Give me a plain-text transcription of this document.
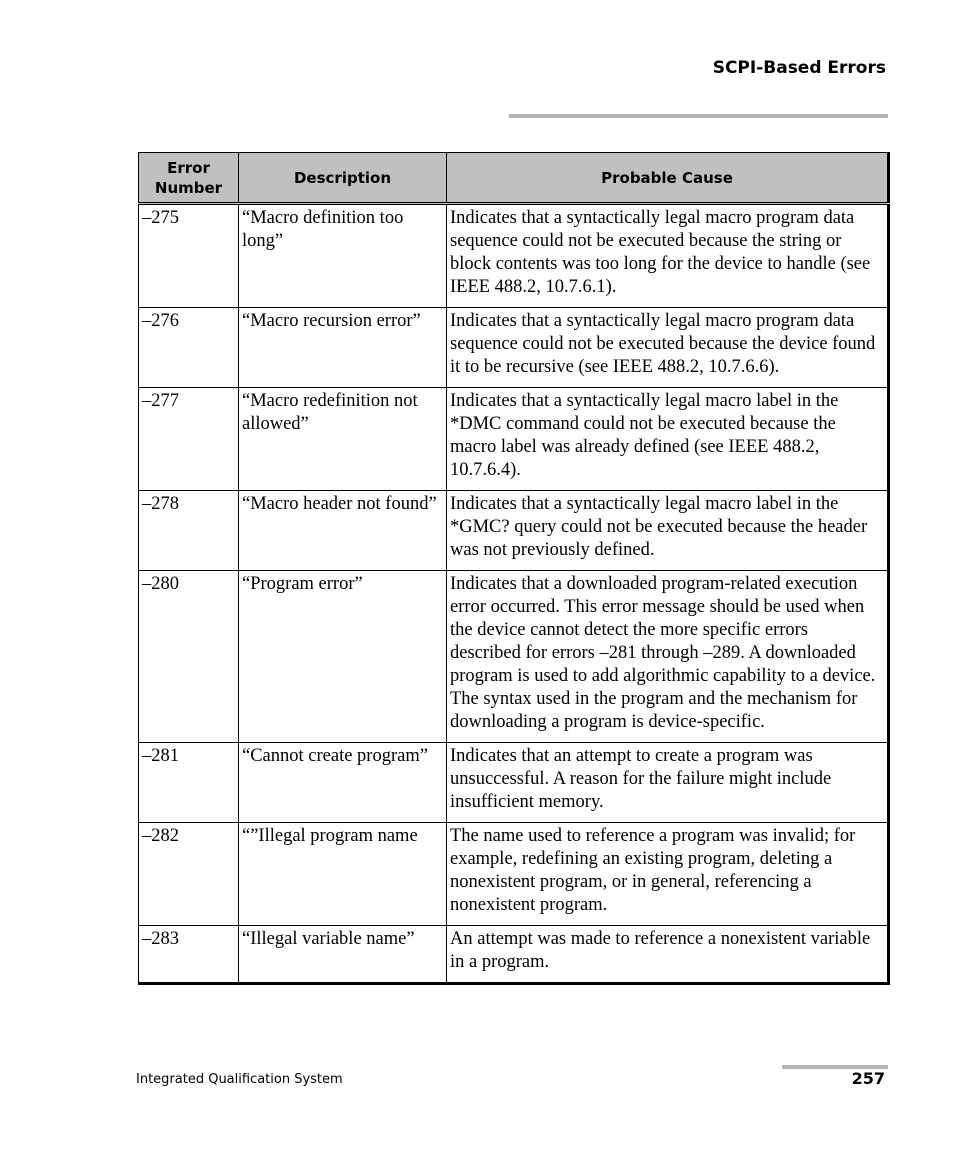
SCPI-Based Errors
Error Number	Description	Probable Cause
–275	“Macro definition too long”	Indicates that a syntactically legal macro program data sequence could not be executed because the string or block contents was too long for the device to handle (see IEEE 488.2, 10.7.6.1).
–276	“Macro recursion error”	Indicates that a syntactically legal macro program data sequence could not be executed because the device found it to be recursive (see IEEE 488.2, 10.7.6.6).
–277	“Macro redefinition not allowed”	Indicates that a syntactically legal macro label in the *DMC command could not be executed because the macro label was already defined (see IEEE 488.2, 10.7.6.4).
–278	“Macro header not found”	Indicates that a syntactically legal macro label in the *GMC? query could not be executed because the header was not previously defined.
–280	“Program error”	Indicates that a downloaded program-related execution error occurred. This error message should be used when the device cannot detect the more specific errors described for errors –281 through –289. A downloaded program is used to add algorithmic capability to a device. The syntax used in the program and the mechanism for downloading a program is device-specific.
–281	“Cannot create program”	Indicates that an attempt to create a program was unsuccessful. A reason for the failure might include insufficient memory.
–282	“”Illegal program name	The name used to reference a program was invalid; for example, redefining an existing program, deleting a nonexistent program, or in general, referencing a nonexistent program.
–283	“Illegal variable name”	An attempt was made to reference a nonexistent variable in a program.
Integrated Qualification System	257
